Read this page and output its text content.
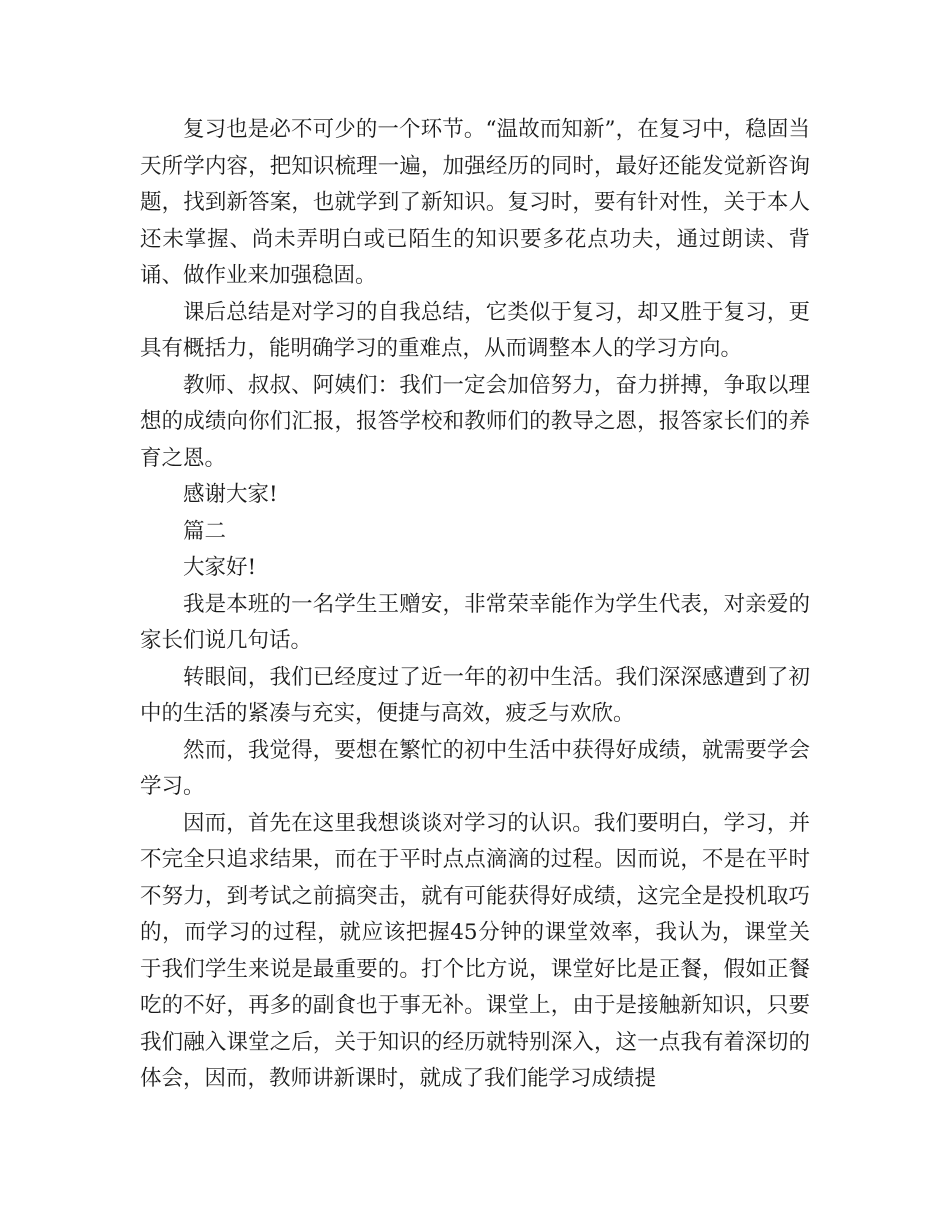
复习也是必不可少的一个环节。“温故而知新”，在复习中，稳固当天所学内容，把知识梳理一遍，加强经历的同时，最好还能发觉新咨询题，找到新答案，也就学到了新知识。复习时，要有针对性，关于本人还未掌握、尚未弄明白或已陌生的知识要多花点功夫，通过朗读、背诵、做作业来加强稳固。

课后总结是对学习的自我总结，它类似于复习，却又胜于复习，更具有概括力，能明确学习的重难点，从而调整本人的学习方向。

教师、叔叔、阿姨们：我们一定会加倍努力，奋力拼搏，争取以理想的成绩向你们汇报，报答学校和教师们的教导之恩，报答家长们的养育之恩。

感谢大家!

篇二

大家好!

我是本班的一名学生王赠安，非常荣幸能作为学生代表，对亲爱的家长们说几句话。

转眼间，我们已经度过了近一年的初中生活。我们深深感遭到了初中的生活的紧凑与充实，便捷与高效，疲乏与欢欣。

然而，我觉得，要想在繁忙的初中生活中获得好成绩，就需要学会学习。

因而，首先在这里我想谈谈对学习的认识。我们要明白，学习，并不完全只追求结果，而在于平时点点滴滴的过程。因而说，不是在平时不努力，到考试之前搞突击，就有可能获得好成绩，这完全是投机取巧的，而学习的过程，就应该把握45分钟的课堂效率，我认为，课堂关于我们学生来说是最重要的。打个比方说，课堂好比是正餐，假如正餐吃的不好，再多的副食也于事无补。课堂上，由于是接触新知识，只要我们融入课堂之后，关于知识的经历就特别深入，这一点我有着深切的体会，因而，教师讲新课时，就成了我们能学习成绩提
